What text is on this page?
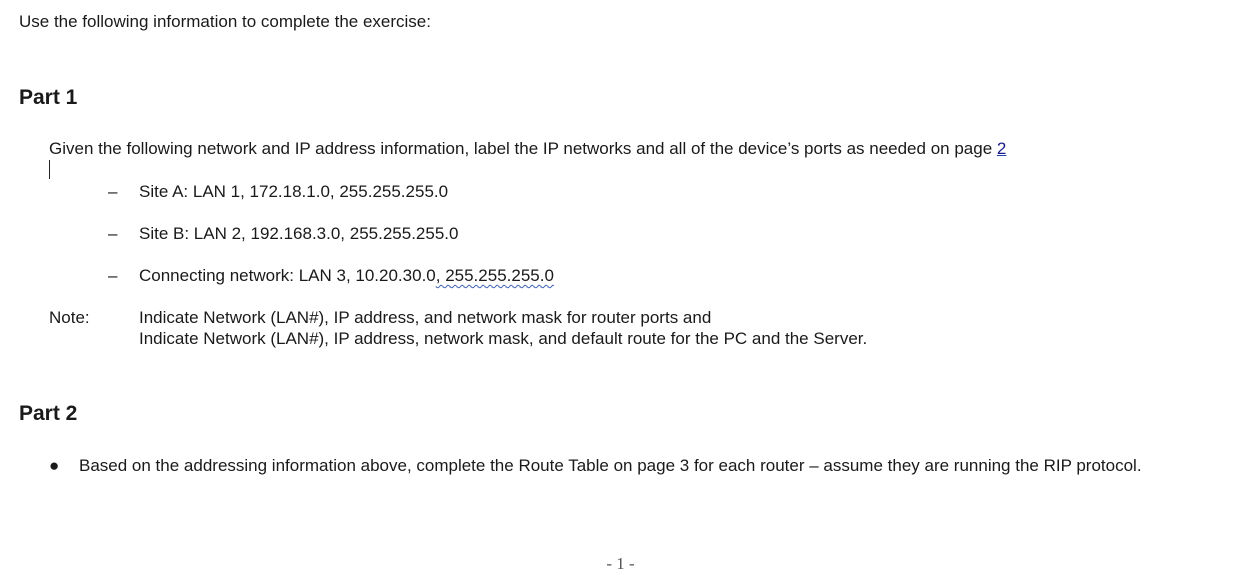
Use the following information to complete the exercise:
Part 1
Given the following network and IP address information, label the IP networks and all of the device’s ports as needed on page 2
– Site A: LAN 1, 172.18.1.0, 255.255.255.0
– Site B: LAN 2, 192.168.3.0, 255.255.255.0
– Connecting network: LAN 3, 10.20.30.0, 255.255.255.0
Note:	Indicate Network (LAN#), IP address, and network mask for router ports and
Indicate Network (LAN#), IP address, network mask, and default route for the PC and the Server.
Part 2
● Based on the addressing information above, complete the Route Table on page 3 for each router – assume they are running the RIP protocol.
- 1 -
